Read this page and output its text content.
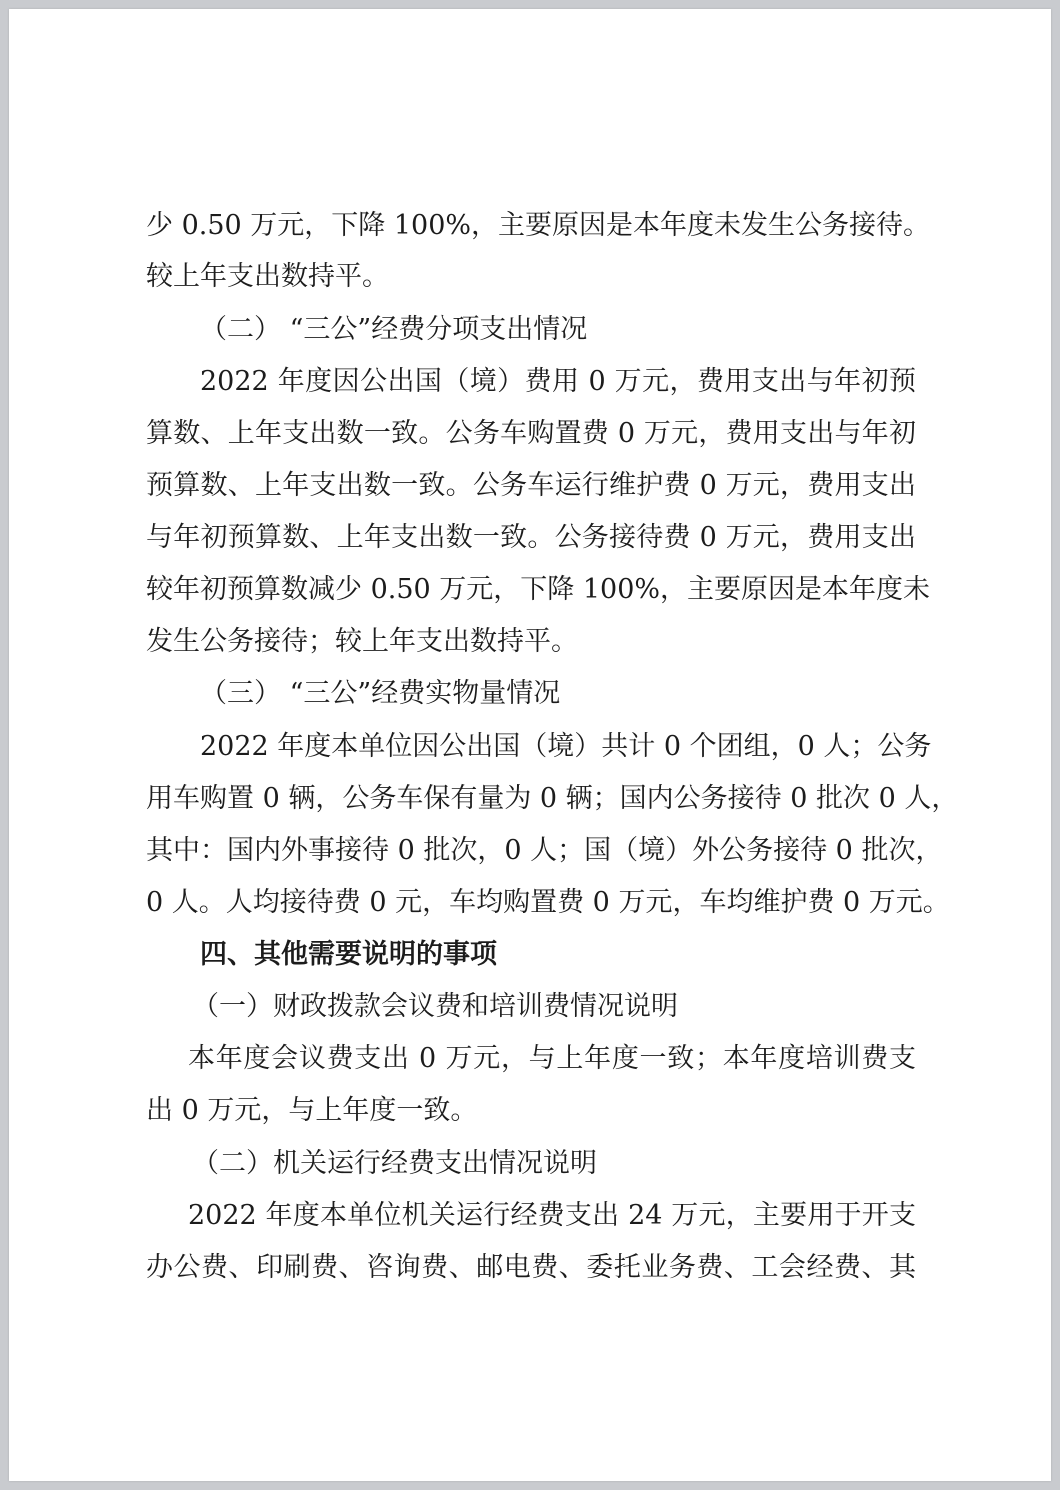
少 0.50 万元，下降 100%，主要原因是本年度未发生公务接待。
较上年支出数持平。
（二） “三公”经费分项支出情况
2022 年度因公出国（境）费用 0 万元，费用支出与年初预
算数、上年支出数一致。公务车购置费 0 万元，费用支出与年初
预算数、上年支出数一致。公务车运行维护费 0 万元，费用支出
与年初预算数、上年支出数一致。公务接待费 0 万元，费用支出
较年初预算数减少 0.50 万元，下降 100%，主要原因是本年度未
发生公务接待；较上年支出数持平。
（三） “三公”经费实物量情况
2022 年度本单位因公出国（境）共计 0 个团组，0 人；公务
用车购置 0 辆，公务车保有量为 0 辆；国内公务接待 0 批次 0 人，
其中：国内外事接待 0 批次，0 人；国（境）外公务接待 0 批次，
0 人。人均接待费 0 元，车均购置费 0 万元，车均维护费 0 万元。
四、其他需要说明的事项
（一）财政拨款会议费和培训费情况说明
本年度会议费支出 0 万元，与上年度一致；本年度培训费支
出 0 万元，与上年度一致。
（二）机关运行经费支出情况说明
2022 年度本单位机关运行经费支出 24 万元，主要用于开支
办公费、印刷费、咨询费、邮电费、委托业务费、工会经费、其
